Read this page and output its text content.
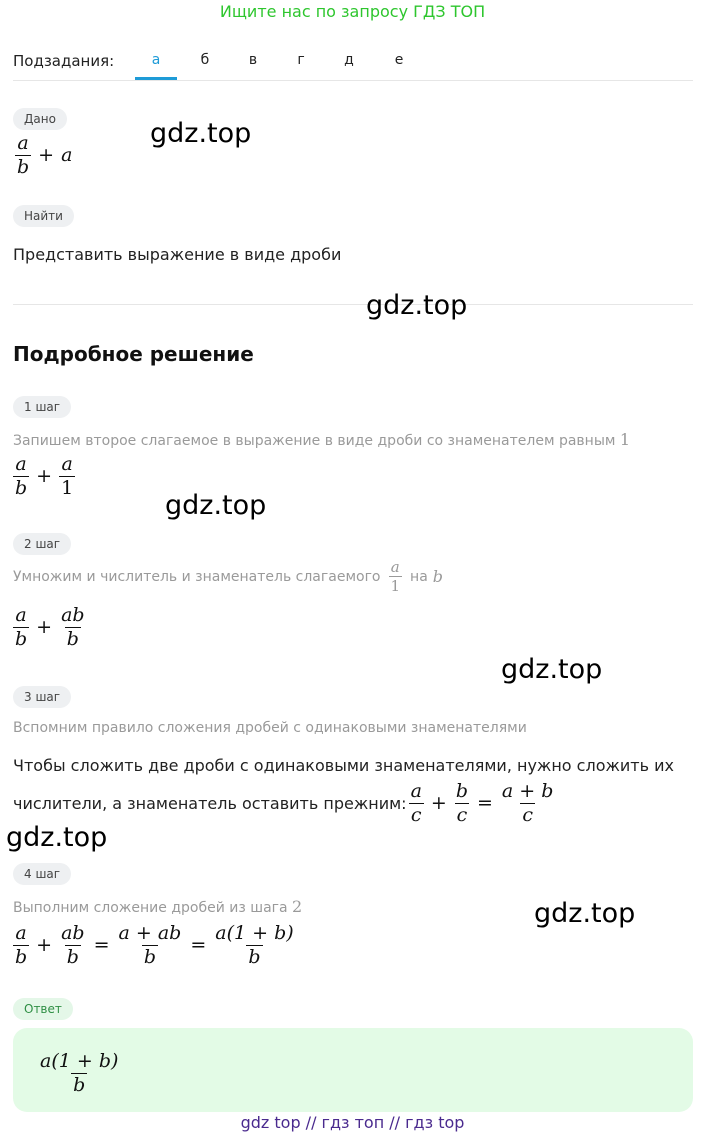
Ищите нас по запросу ГДЗ ТОП
Подзадания:	а	б	в	г	д	е
Дано
$\frac{a}{b} + a$
gdz.top
Найти
Представить выражение в виде дроби
gdz.top
Подробное решение
1 шаг
Запишем второе слагаемое в выражение в виде дроби со знаменателем равным 1
$\frac{a}{b} + \frac{a}{1}$
gdz.top
2 шаг
Умножим и числитель и знаменатель слагаемого $\frac{a}{1}$ на b
$\frac{a}{b} + \frac{ab}{b}$
gdz.top
3 шаг
Вспомним правило сложения дробей с одинаковыми знаменателями
Чтобы сложить две дроби с одинаковыми знаменателями, нужно сложить их
числители, а знаменатель оставить прежним: $\frac{a}{c} + \frac{b}{c} = \frac{a + b}{c}$
gdz.top
4 шаг
Выполним сложение дробей из шага 2
$\frac{a}{b} + \frac{ab}{b} = \frac{a + ab}{b} = \frac{a(1 + b)}{b}$
gdz.top
Ответ
$\frac{a(1 + b)}{b}$
gdz top // гдз топ // гдз top
